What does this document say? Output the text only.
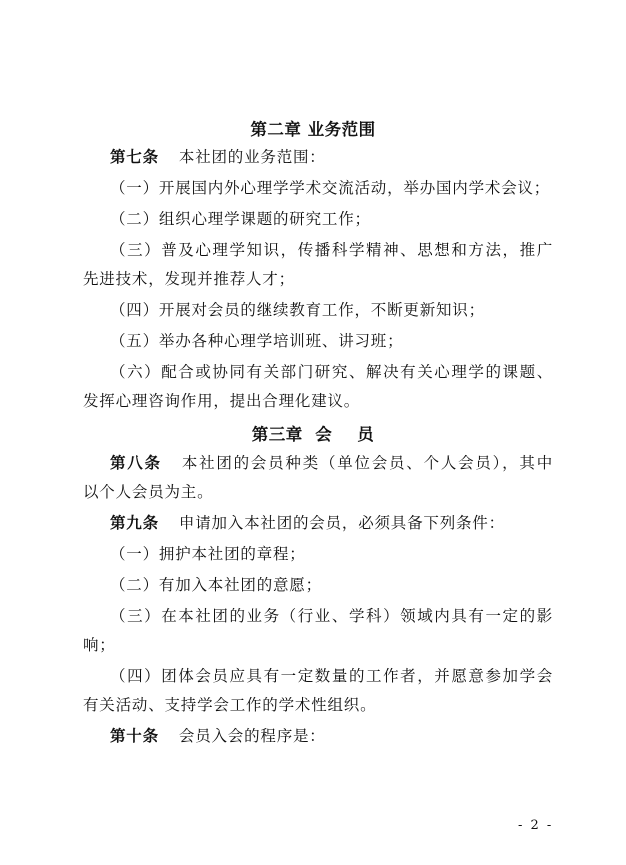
第二章 业务范围
第七条 本社团的业务范围：
（一）开展国内外心理学学术交流活动，举办国内学术会议；
（二）组织心理学课题的研究工作；
（三）普及心理学知识，传播科学精神、思想和方法，推广
先进技术，发现并推荐人才；
（四）开展对会员的继续教育工作，不断更新知识；
（五）举办各种心理学培训班、讲习班；
（六）配合或协同有关部门研究、解决有关心理学的课题、
发挥心理咨询作用，提出合理化建议。
第三章  会    员
第八条 本社团的会员种类（单位会员、个人会员），其中
以个人会员为主。
第九条 申请加入本社团的会员，必须具备下列条件：
（一）拥护本社团的章程；
（二）有加入本社团的意愿；
（三）在本社团的业务（行业、学科）领域内具有一定的影
响；
（四）团体会员应具有一定数量的工作者，并愿意参加学会
有关活动、支持学会工作的学术性组织。
第十条 会员入会的程序是：
- 2 -
